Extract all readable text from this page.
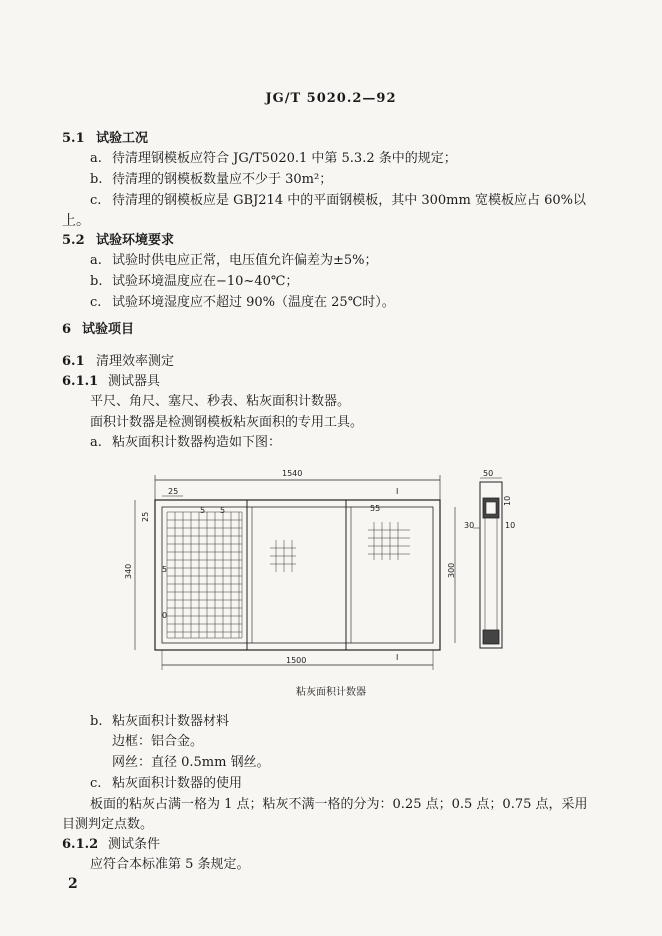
JG/T 5020.2—92
5.1 试验工况
a. 待清理钢模板应符合 JG/T5020.1 中第 5.3.2 条中的规定；
b. 待清理的钢模板数量应不少于 30m²；
c. 待清理的钢模板应是 GBJ214 中的平面钢模板，其中 300mm 宽模板应占 60%以
上。
5.2 试验环境要求
a. 试验时供电应正常，电压值允许偏差为±5%；
b. 试验环境温度应在−10~40℃；
c. 试验环境湿度应不超过 90%（温度在 25℃时）。
6 试验项目
6.1 清理效率测定
6.1.1 测试器具
平尺、角尺、塞尺、秒表、粘灰面积计数器。
面积计数器是检测钢模板粘灰面积的专用工具。
a. 粘灰面积计数器构造如下图：
1540
25
25
5	55
5
0
5
I
I
340	300
1500
50
10
10
30
粘灰面积计数器
b. 粘灰面积计数器材料
边框：铝合金。
网丝：直径 0.5mm 钢丝。
c. 粘灰面积计数器的使用
板面的粘灰占满一格为 1 点；粘灰不满一格的分为：0.25 点；0.5 点；0.75 点，采用
目测判定点数。
6.1.2 测试条件
应符合本标准第 5 条规定。
2
